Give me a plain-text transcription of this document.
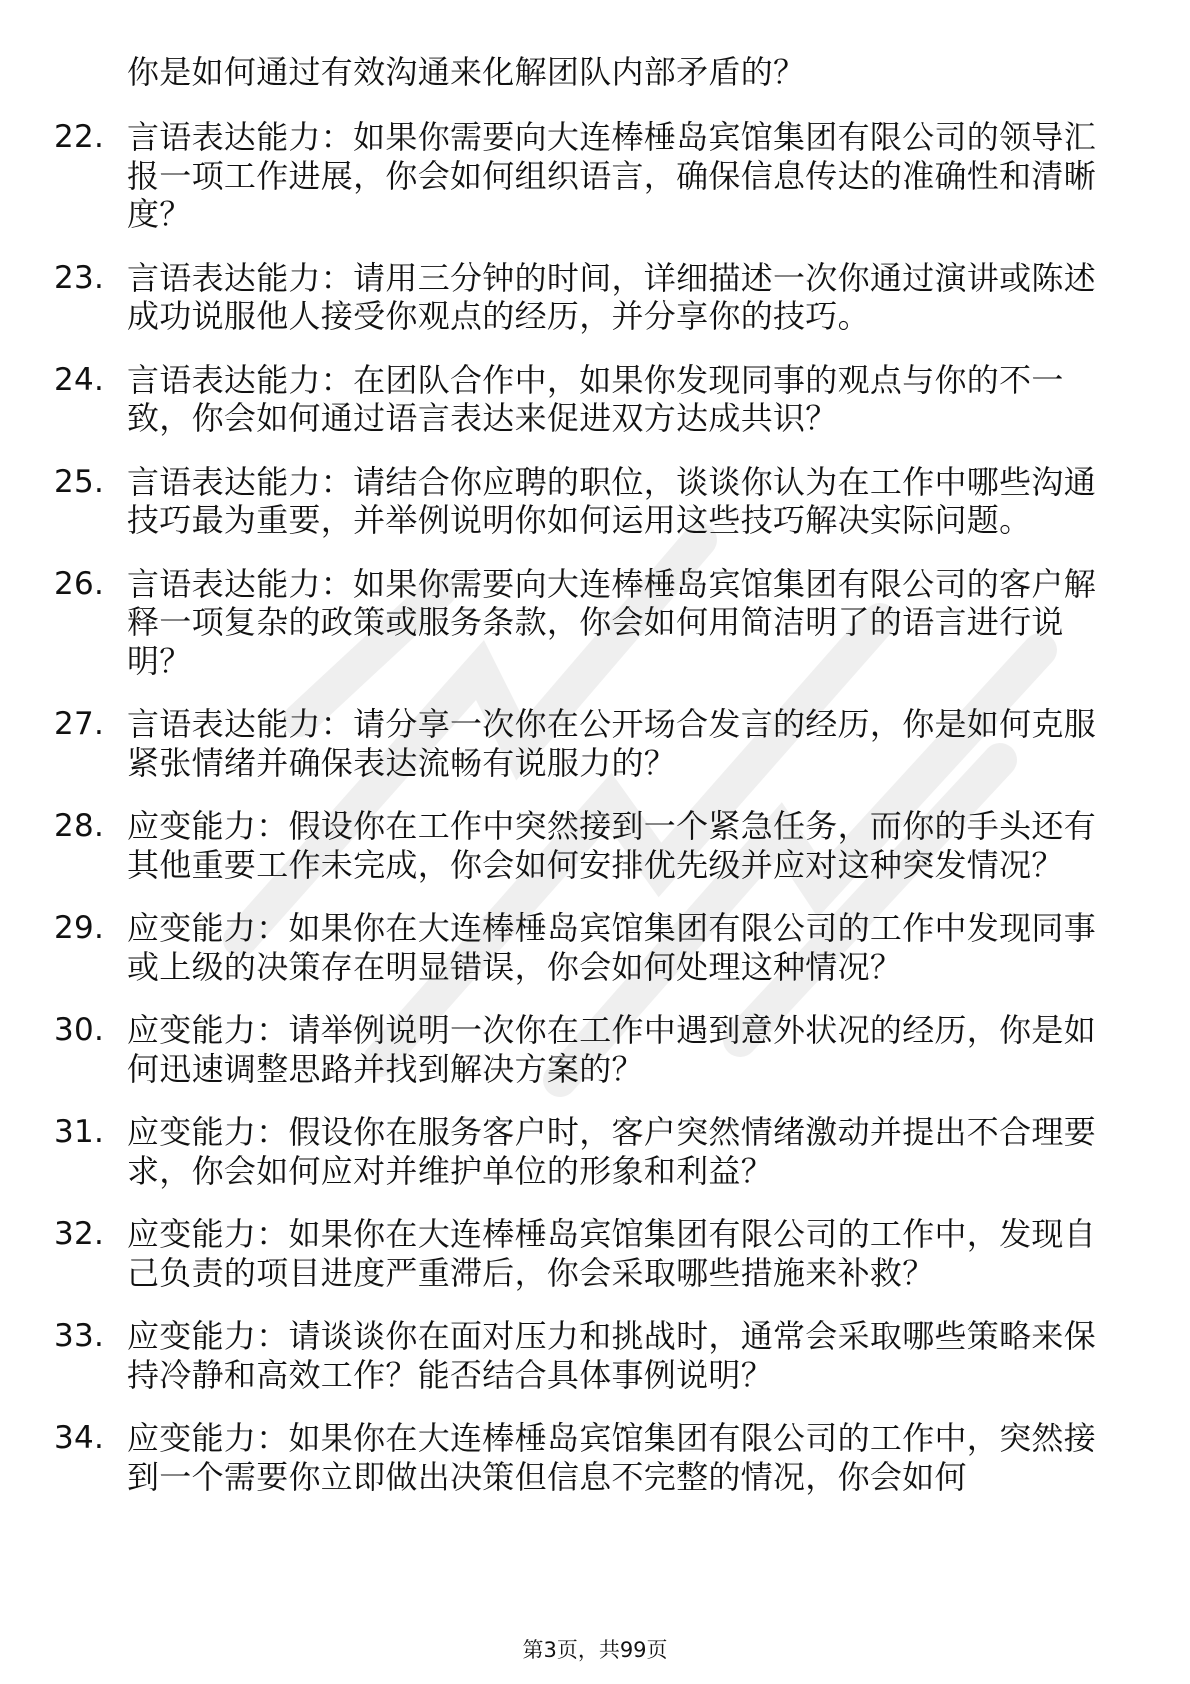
你是如何通过有效沟通来化解团队内部矛盾的？
22. 言语表达能力：如果你需要向大连棒棰岛宾馆集团有限公司的领导汇报一项工作进展，你会如何组织语言，确保信息传达的准确性和清晰度？
23. 言语表达能力：请用三分钟的时间，详细描述一次你通过演讲或陈述成功说服他人接受你观点的经历，并分享你的技巧。
24. 言语表达能力：在团队合作中，如果你发现同事的观点与你的不一致，你会如何通过语言表达来促进双方达成共识？
25. 言语表达能力：请结合你应聘的职位，谈谈你认为在工作中哪些沟通技巧最为重要，并举例说明你如何运用这些技巧解决实际问题。
26. 言语表达能力：如果你需要向大连棒棰岛宾馆集团有限公司的客户解释一项复杂的政策或服务条款，你会如何用简洁明了的语言进行说明？
27. 言语表达能力：请分享一次你在公开场合发言的经历，你是如何克服紧张情绪并确保表达流畅有说服力的？
28. 应变能力：假设你在工作中突然接到一个紧急任务，而你的手头还有其他重要工作未完成，你会如何安排优先级并应对这种突发情况？
29. 应变能力：如果你在大连棒棰岛宾馆集团有限公司的工作中发现同事或上级的决策存在明显错误，你会如何处理这种情况？
30. 应变能力：请举例说明一次你在工作中遇到意外状况的经历，你是如何迅速调整思路并找到解决方案的？
31. 应变能力：假设你在服务客户时，客户突然情绪激动并提出不合理要求，你会如何应对并维护单位的形象和利益？
32. 应变能力：如果你在大连棒棰岛宾馆集团有限公司的工作中，发现自己负责的项目进度严重滞后，你会采取哪些措施来补救？
33. 应变能力：请谈谈你在面对压力和挑战时，通常会采取哪些策略来保持冷静和高效工作？能否结合具体事例说明？
34. 应变能力：如果你在大连棒棰岛宾馆集团有限公司的工作中，突然接到一个需要你立即做出决策但信息不完整的情况，你会如何
第3页，共99页
